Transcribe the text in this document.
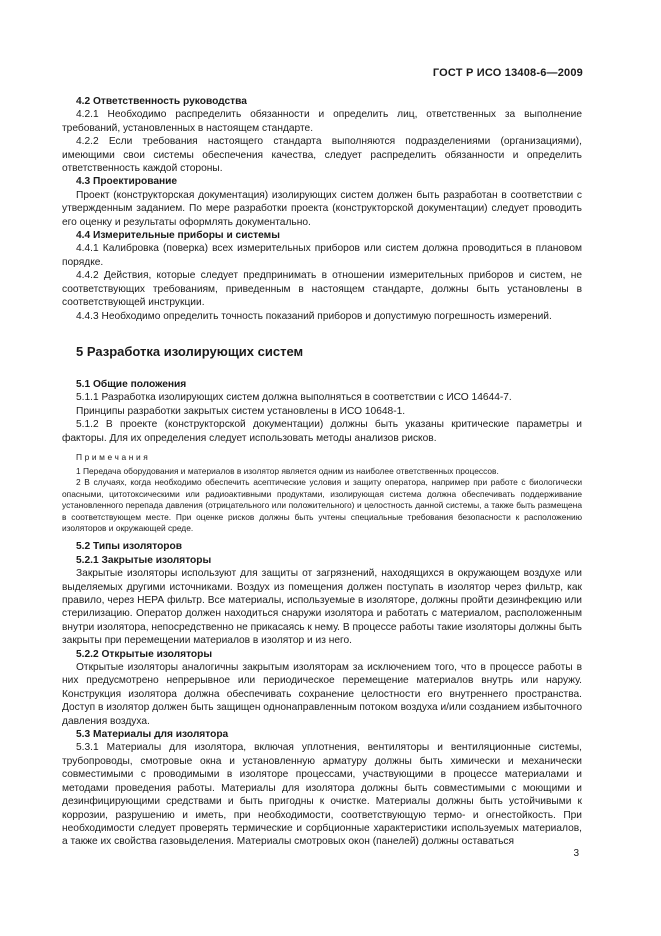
ГОСТ Р ИСО 13408-6—2009
4.2 Ответственность руководства
4.2.1 Необходимо распределить обязанности и определить лиц, ответственных за выполнение требований, установленных в настоящем стандарте.
4.2.2 Если требования настоящего стандарта выполняются подразделениями (организациями), имеющими свои системы обеспечения качества, следует распределить обязанности и определить ответственность каждой стороны.
4.3 Проектирование
Проект (конструкторская документация) изолирующих систем должен быть разработан в соответствии с утвержденным заданием. По мере разработки проекта (конструкторской документации) следует проводить его оценку и результаты оформлять документально.
4.4 Измерительные приборы и системы
4.4.1 Калибровка (поверка) всех измерительных приборов или систем должна проводиться в плановом порядке.
4.4.2 Действия, которые следует предпринимать в отношении измерительных приборов и систем, не соответствующих требованиям, приведенным в настоящем стандарте, должны быть установлены в соответствующей инструкции.
4.4.3 Необходимо определить точность показаний приборов и допустимую погрешность измерений.
5 Разработка изолирующих систем
5.1 Общие положения
5.1.1 Разработка изолирующих систем должна выполняться в соответствии с ИСО 14644-7.
Принципы разработки закрытых систем установлены в ИСО 10648-1.
5.1.2 В проекте (конструкторской документации) должны быть указаны критические параметры и факторы. Для их определения следует использовать методы анализов рисков.
Примечания
1 Передача оборудования и материалов в изолятор является одним из наиболее ответственных процессов.
2 В случаях, когда необходимо обеспечить асептические условия и защиту оператора, например при работе с биологически опасными, цитотоксическими или радиоактивными продуктами, изолирующая система должна обеспечивать поддерживание установленного перепада давления (отрицательного или положительного) и целостность данной системы, а также быть размещена в соответствующем месте. При оценке рисков должны быть учтены специальные требования безопасности к расположению изоляторов и окружающей среде.
5.2 Типы изоляторов
5.2.1 Закрытые изоляторы
Закрытые изоляторы используют для защиты от загрязнений, находящихся в окружающем воздухе или выделяемых другими источниками. Воздух из помещения должен поступать в изолятор через фильтр, как правило, через НЕРА фильтр. Все материалы, используемые в изоляторе, должны пройти дезинфекцию или стерилизацию. Оператор должен находиться снаружи изолятора и работать с материалом, расположенным внутри изолятора, непосредственно не прикасаясь к нему. В процессе работы такие изоляторы должны быть закрыты при перемещении материалов в изолятор и из него.
5.2.2 Открытые изоляторы
Открытые изоляторы аналогичны закрытым изоляторам за исключением того, что в процессе работы в них предусмотрено непрерывное или периодическое перемещение материалов внутрь или наружу. Конструкция изолятора должна обеспечивать сохранение целостности его внутреннего пространства. Доступ в изолятор должен быть защищен однонаправленным потоком воздуха и/или созданием избыточного давления воздуха.
5.3 Материалы для изолятора
5.3.1 Материалы для изолятора, включая уплотнения, вентиляторы и вентиляционные системы, трубопроводы, смотровые окна и установленную арматуру должны быть химически и механически совместимыми с проводимыми в изоляторе процессами, участвующими в процессе материалами и методами проведения работы. Материалы для изолятора должны быть совместимыми с моющими и дезинфицирующими средствами и быть пригодны к очистке. Материалы должны быть устойчивыми к коррозии, разрушению и иметь, при необходимости, соответствующую термо- и огнестойкость. При необходимости следует проверять термические и сорбционные характеристики используемых материалов, а также их свойства газовыделения. Материалы смотровых окон (панелей) должны оставаться
3
